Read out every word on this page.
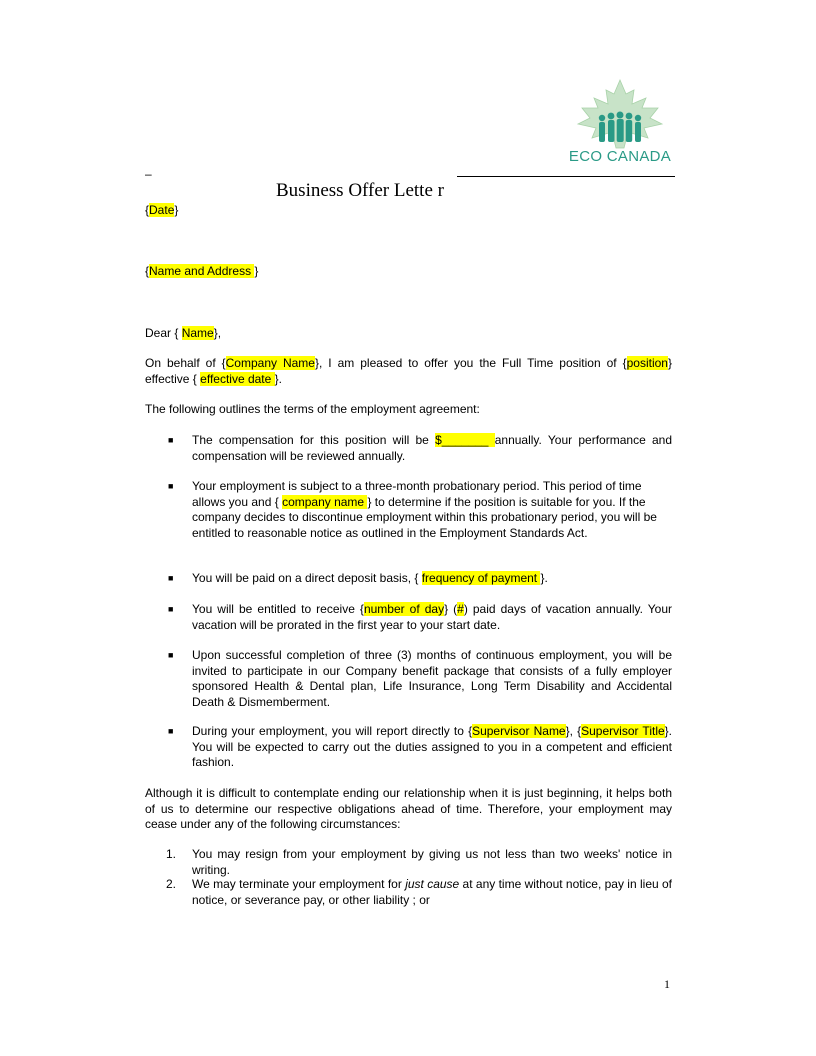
ECO CANADA
–
Business Offer Lette r
{Date}
{Name and Address }
Dear { Name},
On behalf of {Company Name}, I am pleased to offer you the Full Time position of {position} effective { effective date }.
The following outlines the terms of the employment agreement:
■ The compensation for this position will be $_______ annually. Your performance and compensation will be reviewed annually.
■ Your employment is subject to a three-month probationary period. This period of time allows you and { company name } to determine if the position is suitable for you. If the company decides to discontinue employment within this probationary period, you will be entitled to reasonable notice as outlined in the Employment Standards Act.
■ You will be paid on a direct deposit basis, { frequency of payment }.
■ You will be entitled to receive {number of day} (#) paid days of vacation annually. Your vacation will be prorated in the first year to your start date.
■ Upon successful completion of three (3) months of continuous employment, you will be invited to participate in our Company benefit package that consists of a fully employer sponsored Health & Dental plan, Life Insurance, Long Term Disability and Accidental Death & Dismemberment.
■ During your employment, you will report directly to {Supervisor Name}, {Supervisor Title}. You will be expected to carry out the duties assigned to you in a competent and efficient fashion.
Although it is difficult to contemplate ending our relationship when it is just beginning, it helps both of us to determine our respective obligations ahead of time. Therefore, your employment may cease under any of the following circumstances:
1. You may resign from your employment by giving us not less than two weeks' notice in writing.
2. We may terminate your employment for just cause at any time without notice, pay in lieu of notice, or severance pay, or other liability ; or
1
